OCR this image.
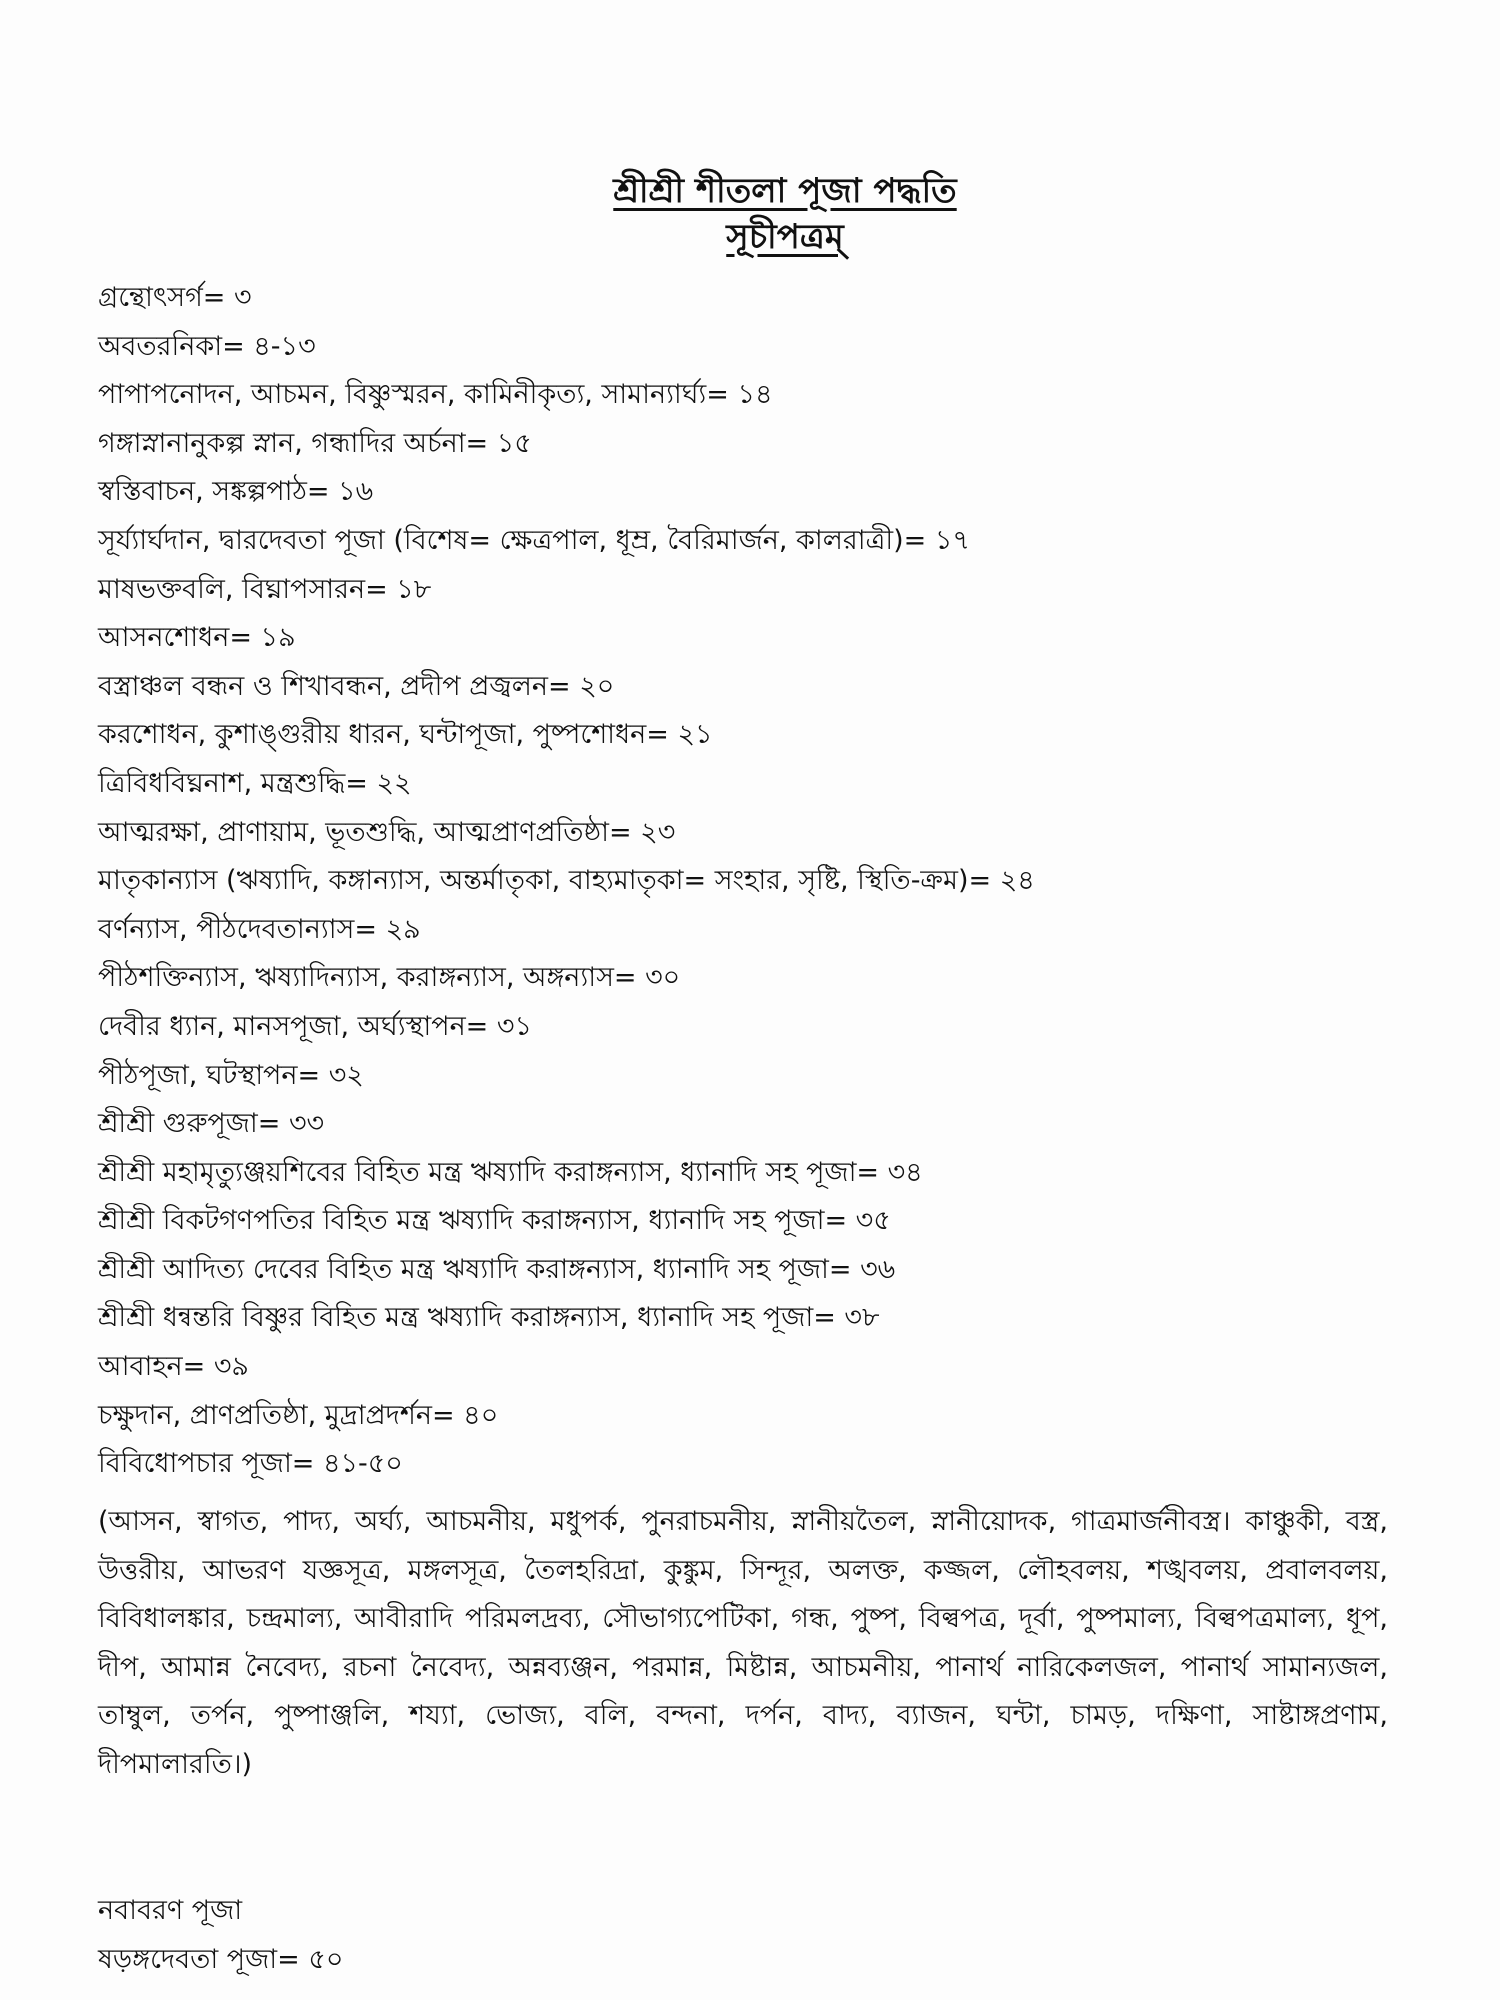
শ্রীশ্রী শীতলা পূজা পদ্ধতি
সূচীপত্রম্
গ্রন্থোৎসর্গ= ৩
অবতরনিকা= ৪-১৩
পাপাপনোদন, আচমন, বিষ্ণুস্মরন, কামিনীকৃত্য, সামান্যার্ঘ্য= ১৪
গঙ্গাস্নানানুকল্প স্নান, গন্ধাদির অর্চনা= ১৫
স্বস্তিবাচন, সঙ্কল্পপাঠ= ১৬
সূর্য্যার্ঘদান, দ্বারদেবতা পূজা (বিশেষ= ক্ষেত্রপাল, ধূম্র, বৈরিমার্জন, কালরাত্রী)= ১৭
মাষভক্তবলি, বিঘ্নাপসারন= ১৮
আসনশোধন= ১৯
বস্ত্রাঞ্চল বন্ধন ও শিখাবন্ধন, প্রদীপ প্রজ্বলন= ২০
করশোধন, কুশাঙ্গুরীয় ধারন, ঘন্টাপূজা, পুষ্পশোধন= ২১
ত্রিবিধবিঘ্ননাশ, মন্ত্রশুদ্ধি= ২২
আত্মরক্ষা, প্রাণায়াম, ভূতশুদ্ধি, আত্মপ্রাণপ্রতিষ্ঠা= ২৩
মাতৃকান্যাস (ঋষ্যাদি, কঙ্গান্যাস, অন্তর্মাতৃকা, বাহ্যমাতৃকা= সংহার, সৃষ্টি, স্থিতি-ক্রম)= ২৪
বর্ণন্যাস, পীঠদেবতান্যাস= ২৯
পীঠশক্তিন্যাস, ঋষ্যাদিন্যাস, করাঙ্গন্যাস, অঙ্গন্যাস= ৩০
দেবীর ধ্যান, মানসপূজা, অর্ঘ্যস্থাপন= ৩১
পীঠপূজা, ঘটস্থাপন= ৩২
শ্রীশ্রী গুরুপূজা= ৩৩
শ্রীশ্রী মহামৃত্যুঞ্জয়শিবের বিহিত মন্ত্র ঋষ্যাদি করাঙ্গন্যাস, ধ্যানাদি সহ পূজা= ৩৪
শ্রীশ্রী বিকটগণপতির বিহিত মন্ত্র ঋষ্যাদি করাঙ্গন্যাস, ধ্যানাদি সহ পূজা= ৩৫
শ্রীশ্রী আদিত্য দেবের বিহিত মন্ত্র ঋষ্যাদি করাঙ্গন্যাস, ধ্যানাদি সহ পূজা= ৩৬
শ্রীশ্রী ধন্বন্তরি বিষ্ণুর বিহিত মন্ত্র ঋষ্যাদি করাঙ্গন্যাস, ধ্যানাদি সহ পূজা= ৩৮
আবাহন= ৩৯
চক্ষুদান, প্রাণপ্রতিষ্ঠা, মুদ্রাপ্রদর্শন= ৪০
বিবিধোপচার পূজা= ৪১-৫০

(আসন, স্বাগত, পাদ্য, অর্ঘ্য, আচমনীয়, মধুপর্ক, পুনরাচমনীয়, স্নানীয়তৈল, স্নানীয়োদক, গাত্রমার্জনীবস্ত্র। কাঞ্চুকী, বস্ত্র, উত্তরীয়, আভরণ যজ্ঞসূত্র, মঙ্গলসূত্র, তৈলহরিদ্রা, কুঙ্কুম, সিন্দূর, অলক্ত, কজ্জল, লৌহবলয়, শঙ্খবলয়, প্রবালবলয়, বিবিধালঙ্কার, চন্দ্রমাল্য, আবীরাদি পরিমলদ্রব্য, সৌভাগ্যপেটিকা, গন্ধ, পুষ্প, বিল্বপত্র, দূর্বা, পুষ্পমাল্য, বিল্বপত্রমাল্য, ধূপ, দীপ, আমান্ন নৈবেদ্য, রচনা নৈবেদ্য, অন্নব্যঞ্জন, পরমান্ন, মিষ্টান্ন, আচমনীয়, পানার্থ নারিকেলজল, পানার্থ সামান্যজল, তাম্বুল, তর্পন, পুষ্পাঞ্জলি, শয্যা, ভোজ্য, বলি, বন্দনা, দর্পন, বাদ্য, ব্যাজন, ঘন্টা, চামড়, দক্ষিণা, সাষ্টাঙ্গপ্রণাম, দীপমালারতি।)

নবাবরণ পূজা
ষড়ঙ্গদেবতা পূজা= ৫০
